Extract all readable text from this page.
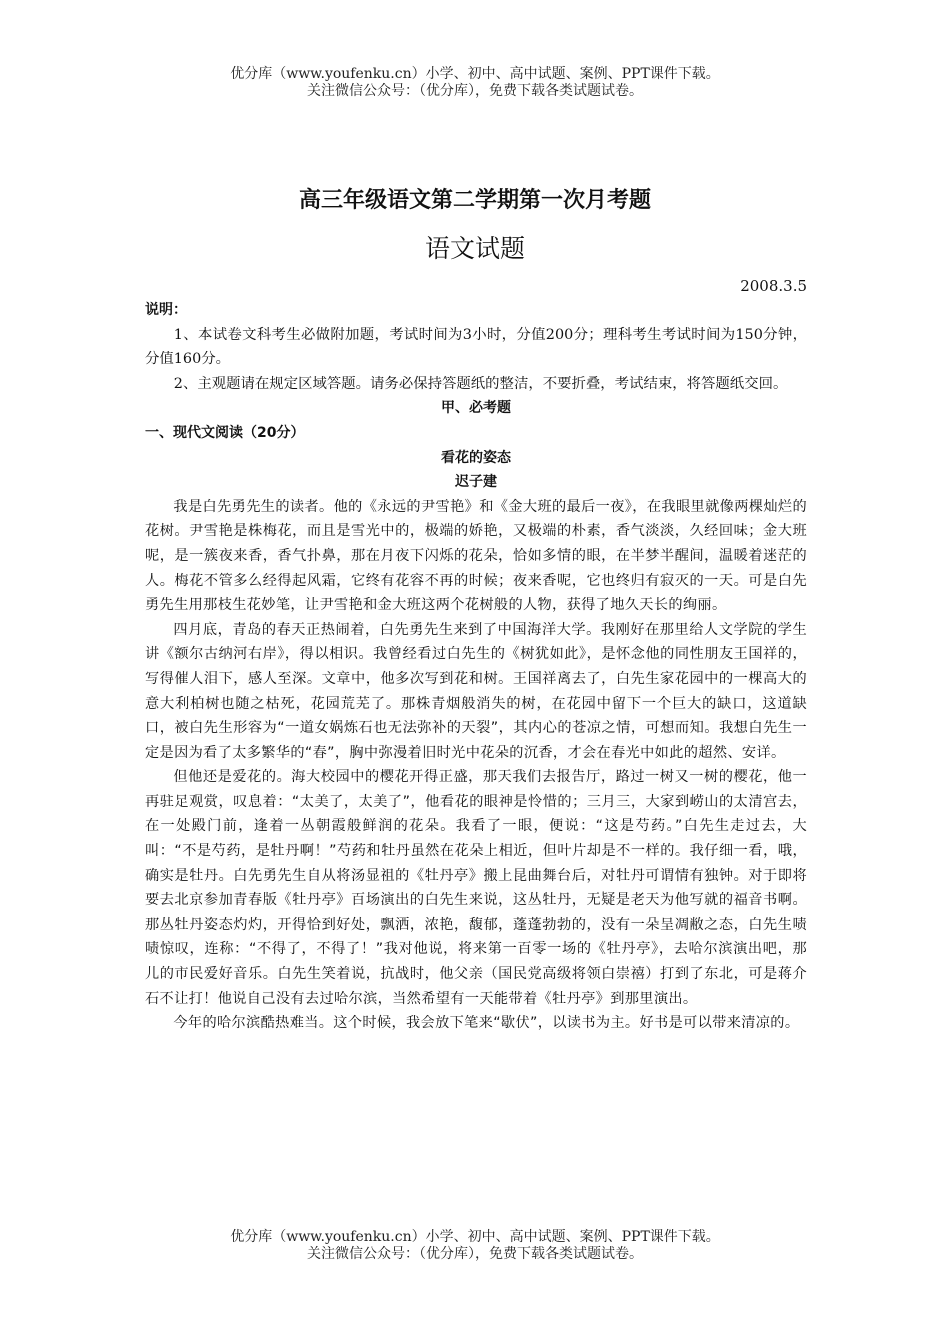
优分库（www.youfenku.cn）小学、初中、高中试题、案例、PPT课件下载。
关注微信公众号：（优分库），免费下载各类试题试卷。
高三年级语文第二学期第一次月考题
语文试题
2008.3.5

说明：

1、本试卷文科考生必做附加题，考试时间为3小时，分值200分；理科考生考试时间为150分钟，分值160分。

2、主观题请在规定区域答题。请务必保持答题纸的整洁，不要折叠，考试结束，将答题纸交回。

甲、必考题

一、现代文阅读（20分）

看花的姿态

迟子建

我是白先勇先生的读者。他的《永远的尹雪艳》和《金大班的最后一夜》，在我眼里就像两棵灿烂的花树。尹雪艳是株梅花，而且是雪光中的，极端的娇艳，又极端的朴素，香气淡淡，久经回味；金大班呢，是一簇夜来香，香气扑鼻，那在月夜下闪烁的花朵，恰如多情的眼，在半梦半醒间，温暖着迷茫的人。梅花不管多么经得起风霜，它终有花容不再的时候；夜来香呢，它也终归有寂灭的一天。可是白先勇先生用那枝生花妙笔，让尹雪艳和金大班这两个花树般的人物，获得了地久天长的绚丽。

四月底，青岛的春天正热闹着，白先勇先生来到了中国海洋大学。我刚好在那里给人文学院的学生讲《额尔古纳河右岸》，得以相识。我曾经看过白先生的《树犹如此》，是怀念他的同性朋友王国祥的，写得催人泪下，感人至深。文章中，他多次写到花和树。王国祥离去了，白先生家花园中的一棵高大的意大利柏树也随之枯死，花园荒芜了。那株青烟般消失的树，在花园中留下一个巨大的缺口，这道缺口，被白先生形容为“一道女娲炼石也无法弥补的天裂”，其内心的苍凉之情，可想而知。我想白先生一定是因为看了太多繁华的“春”，胸中弥漫着旧时光中花朵的沉香，才会在春光中如此的超然、安详。

但他还是爱花的。海大校园中的樱花开得正盛，那天我们去报告厅，路过一树又一树的樱花，他一再驻足观赏，叹息着：“太美了，太美了”，他看花的眼神是怜惜的；三月三，大家到崂山的太清宫去，在一处殿门前，逢着一丛朝霞般鲜润的花朵。我看了一眼，便说：“这是芍药。”白先生走过去，大叫：“不是芍药，是牡丹啊！”芍药和牡丹虽然在花朵上相近，但叶片却是不一样的。我仔细一看，哦，确实是牡丹。白先勇先生自从将汤显祖的《牡丹亭》搬上昆曲舞台后，对牡丹可谓情有独钟。对于即将要去北京参加青春版《牡丹亭》百场演出的白先生来说，这丛牡丹，无疑是老天为他写就的福音书啊。那丛牡丹姿态灼灼，开得恰到好处，飘洒，浓艳，馥郁，蓬蓬勃勃的，没有一朵呈凋敝之态，白先生啧啧惊叹，连称：“不得了，不得了！”我对他说，将来第一百零一场的《牡丹亭》，去哈尔滨演出吧，那儿的市民爱好音乐。白先生笑着说，抗战时，他父亲（国民党高级将领白崇禧）打到了东北，可是蒋介石不让打！他说自己没有去过哈尔滨，当然希望有一天能带着《牡丹亭》到那里演出。

今年的哈尔滨酷热难当。这个时候，我会放下笔来“歇伏”，以读书为主。好书是可以带来清凉的。

优分库（www.youfenku.cn）小学、初中、高中试题、案例、PPT课件下载。
关注微信公众号：（优分库），免费下载各类试题试卷。
